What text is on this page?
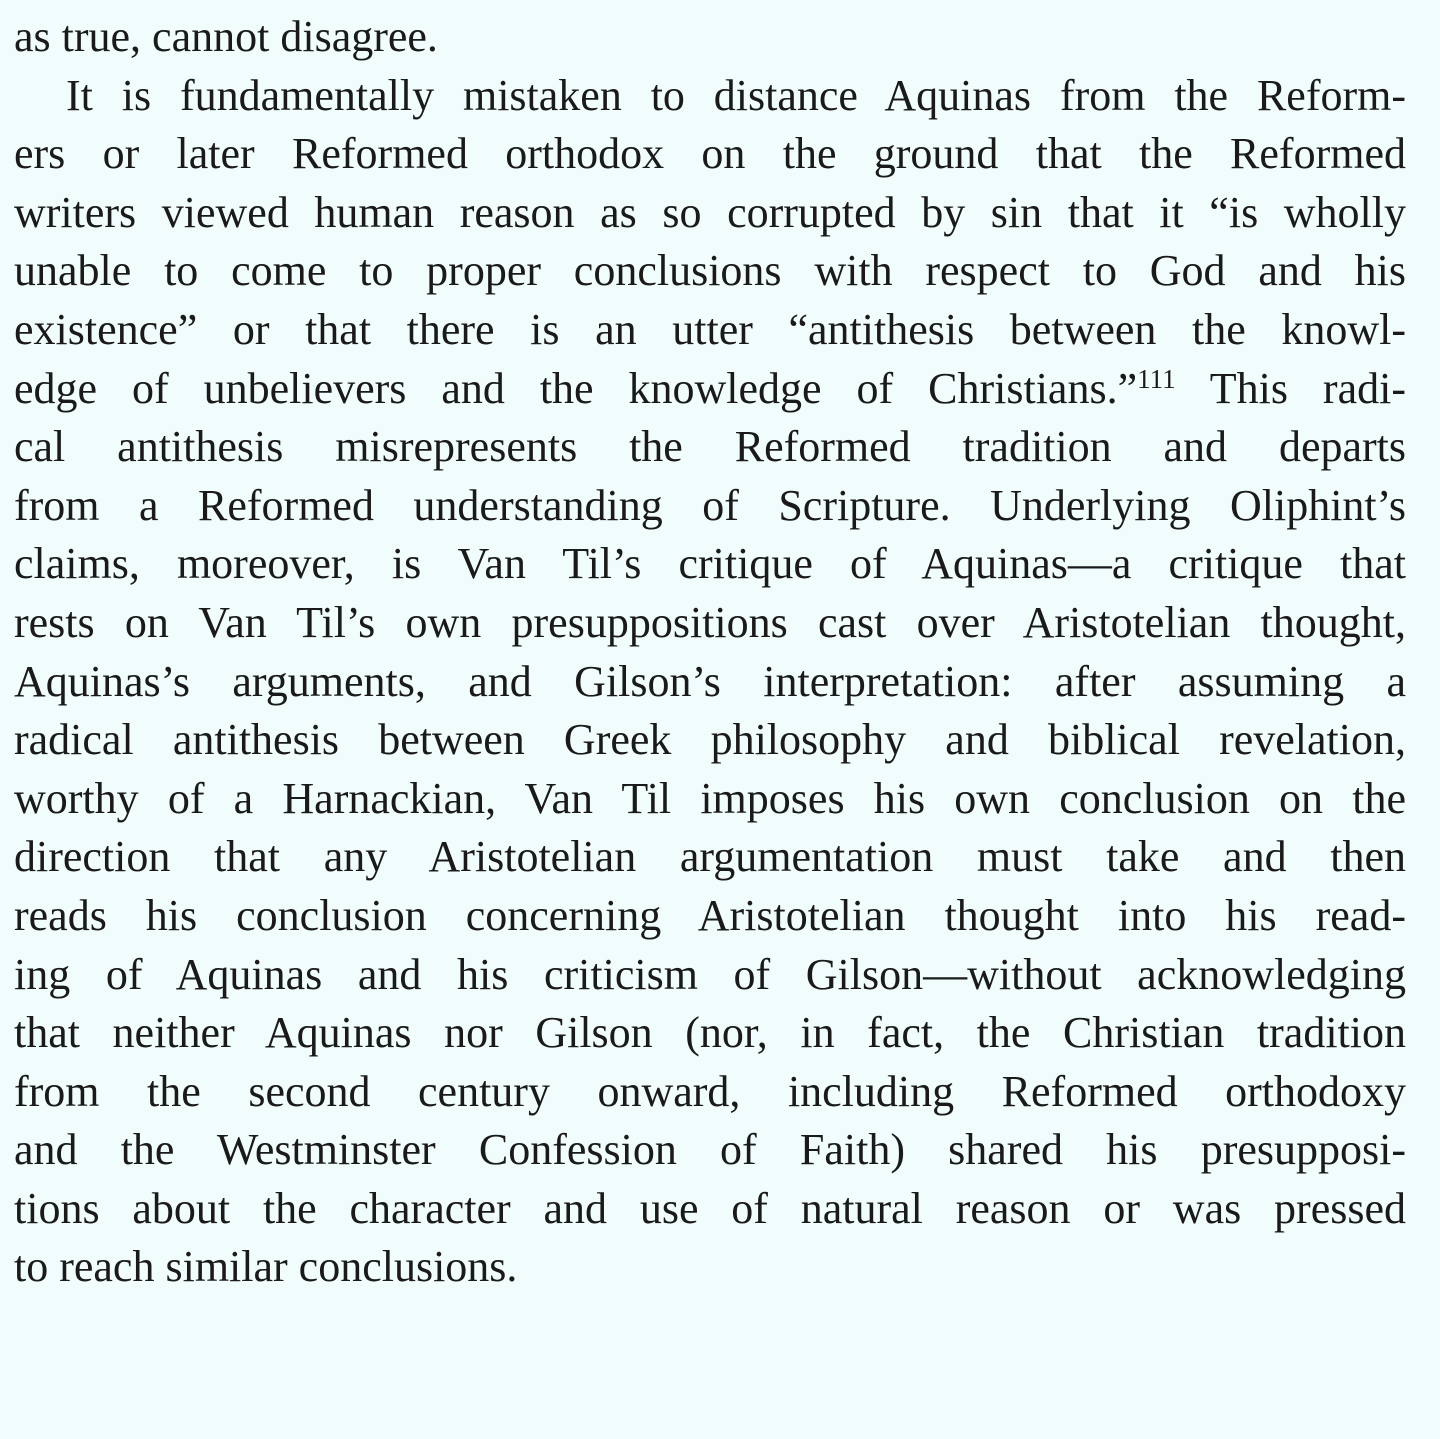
as true, cannot disagree.
It is fundamentally mistaken to distance Aquinas from the Reform-
ers or later Reformed orthodox on the ground that the Reformed
writers viewed human reason as so corrupted by sin that it “is wholly
unable to come to proper conclusions with respect to God and his
existence” or that there is an utter “antithesis between the knowl-
edge of unbelievers and the knowledge of Christians.”$^{111}$ This radi-
cal antithesis misrepresents the Reformed tradition and departs
from a Reformed understanding of Scripture. Underlying Oliphint’s
claims, moreover, is Van Til’s critique of Aquinas—a critique that
rests on Van Til’s own presuppositions cast over Aristotelian thought,
Aquinas’s arguments, and Gilson’s interpretation: after assuming a
radical antithesis between Greek philosophy and biblical revelation,
worthy of a Harnackian, Van Til imposes his own conclusion on the
direction that any Aristotelian argumentation must take and then
reads his conclusion concerning Aristotelian thought into his read-
ing of Aquinas and his criticism of Gilson—without acknowledging
that neither Aquinas nor Gilson (nor, in fact, the Christian tradition
from the second century onward, including Reformed orthodoxy
and the Westminster Confession of Faith) shared his presupposi-
tions about the character and use of natural reason or was pressed
to reach similar conclusions.
